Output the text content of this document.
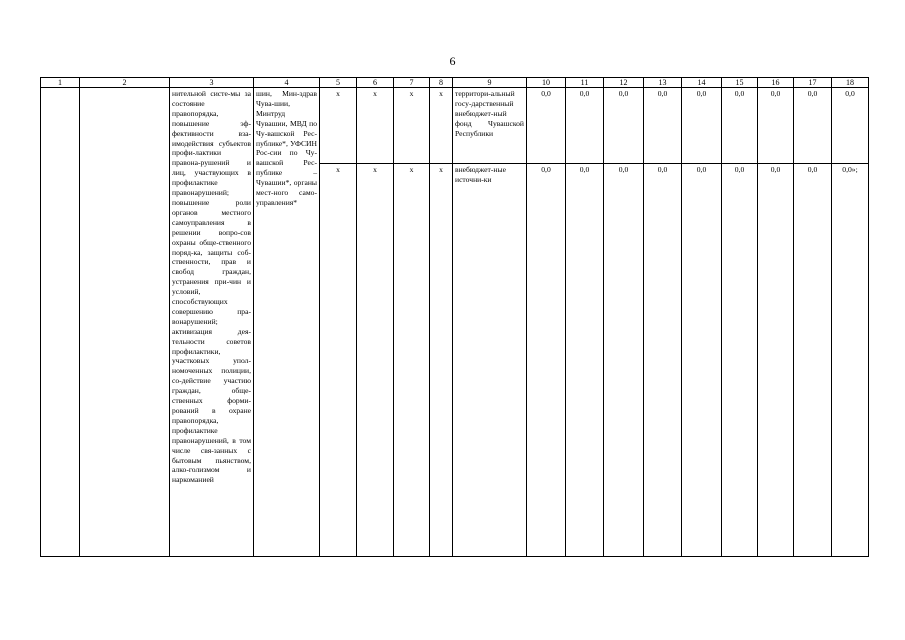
6
1	2	3	4	5	6	7	8	9	10	11	12	13	14	15	16	17	18
		нительной систе-мы за состояние правопорядка, повышение эф-фективности вза-имодействия субъектов профи-лактики правона-рушений и лиц, участвующих в профилактике правонарушений; повышение роли органов местного самоуправления в решении вопро-сов охраны обще-ственного поряд-ка, защиты соб-ственности, прав и свобод граждан, устранения при-чин и условий, способствующих совершению пра-вонарушений; активизация дея-тельности советов профилактики, участковых упол-номоченных полиции, со-действие участию граждан, обще-ственных форми-рований в охране правопорядка, профилактике правонарушений, в том числе свя-занных с бытовым пьянством, алко-голизмом и наркоманией	шин, Мин-здрав Чува-шии, Минтруд Чувашии, МВД по Чу-вашской Рес-публике*, УФСИН Рос-сии по Чу-вашской Рес-публике – Чувашии*, органы мест-ного само-управления*	x	x	x	x	территори-альный госу-дарственный внебюджет-ный фонд Чувашской Республики	0,0	0,0	0,0	0,0	0,0	0,0	0,0	0,0	0,0
				x	x	x	x	внебюджет-ные источни-ки	0,0	0,0	0,0	0,0	0,0	0,0	0,0	0,0	0,0»;
